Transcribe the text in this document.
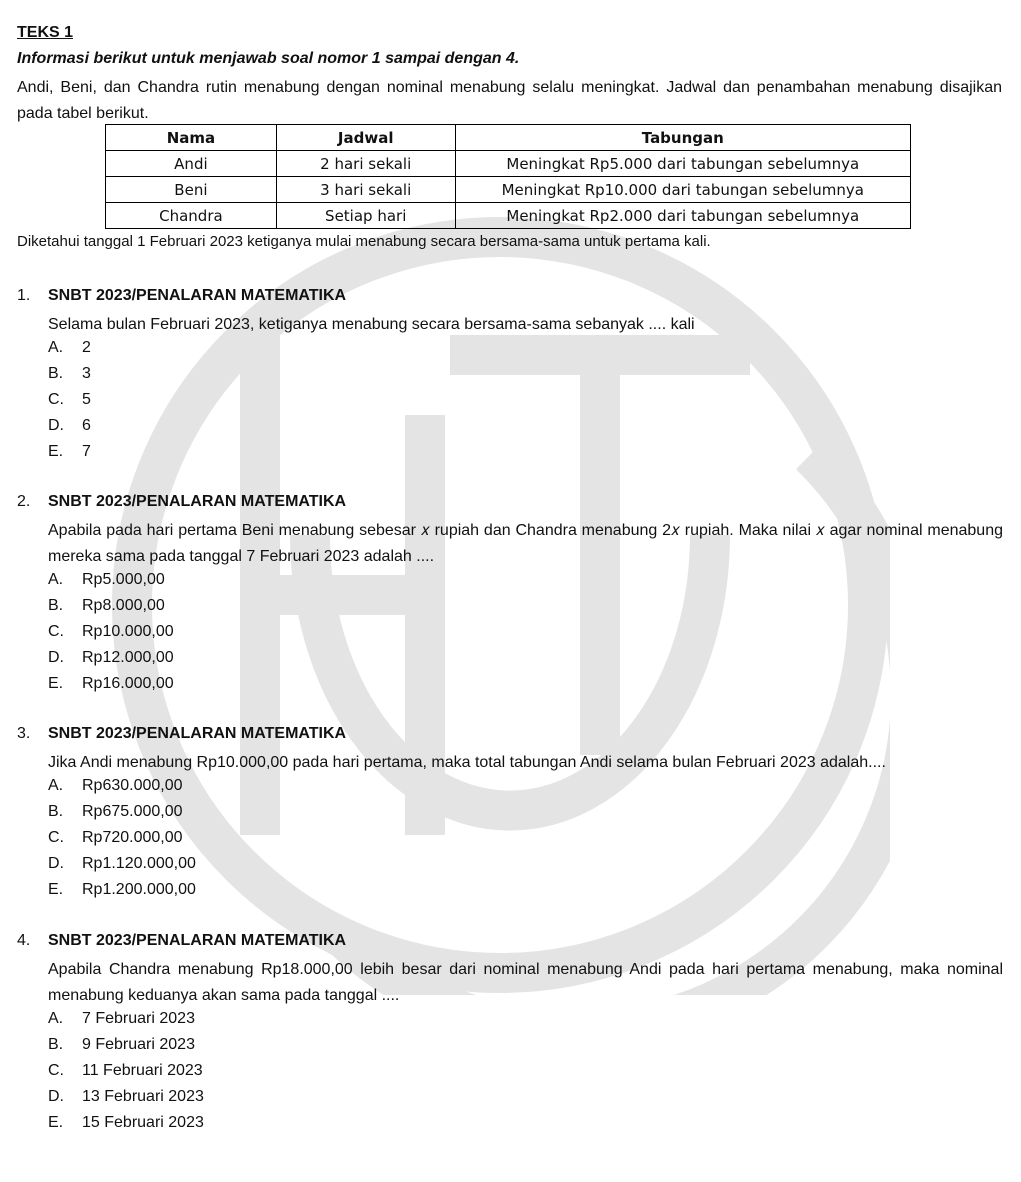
TEKS 1
Informasi berikut untuk menjawab soal nomor 1 sampai dengan 4.
Andi, Beni, dan Chandra rutin menabung dengan nominal menabung selalu meningkat. Jadwal dan penambahan menabung disajikan pada tabel berikut.
Nama	Jadwal	Tabungan
Andi	2 hari sekali	Meningkat Rp5.000 dari tabungan sebelumnya
Beni	3 hari sekali	Meningkat Rp10.000 dari tabungan sebelumnya
Chandra	Setiap hari	Meningkat Rp2.000 dari tabungan sebelumnya
Diketahui tanggal 1 Februari 2023 ketiganya mulai menabung secara bersama-sama untuk pertama kali.
1. SNBT 2023/PENALARAN MATEMATIKA
Selama bulan Februari 2023, ketiganya menabung secara bersama-sama sebanyak .... kali
A. 2
B. 3
C. 5
D. 6
E. 7
2. SNBT 2023/PENALARAN MATEMATIKA
Apabila pada hari pertama Beni menabung sebesar 𝑥 rupiah dan Chandra menabung 2𝑥 rupiah. Maka nilai 𝑥 agar nominal menabung mereka sama pada tanggal 7 Februari 2023 adalah ....
A. Rp5.000,00
B. Rp8.000,00
C. Rp10.000,00
D. Rp12.000,00
E. Rp16.000,00
3. SNBT 2023/PENALARAN MATEMATIKA
Jika Andi menabung Rp10.000,00 pada hari pertama, maka total tabungan Andi selama bulan Februari 2023 adalah....
A. Rp630.000,00
B. Rp675.000,00
C. Rp720.000,00
D. Rp1.120.000,00
E. Rp1.200.000,00
4. SNBT 2023/PENALARAN MATEMATIKA
Apabila Chandra menabung Rp18.000,00 lebih besar dari nominal menabung Andi pada hari pertama menabung, maka nominal menabung keduanya akan sama pada tanggal ....
A. 7 Februari 2023
B. 9 Februari 2023
C. 11 Februari 2023
D. 13 Februari 2023
E. 15 Februari 2023
